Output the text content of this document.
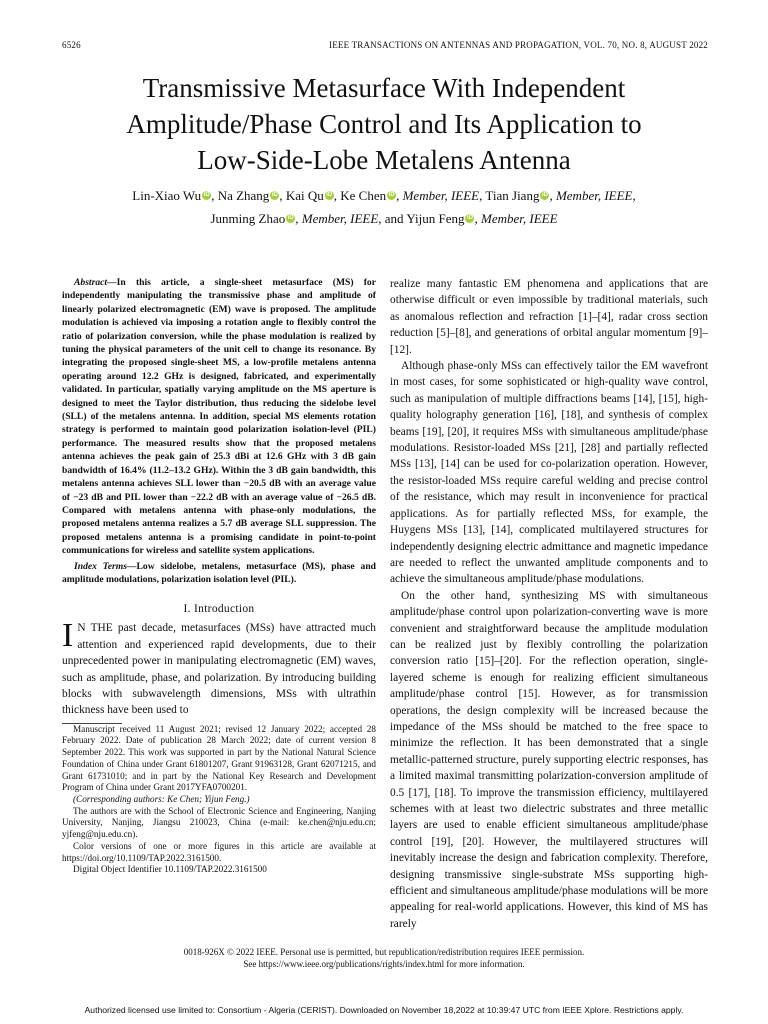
6526	IEEE TRANSACTIONS ON ANTENNAS AND PROPAGATION, VOL. 70, NO. 8, AUGUST 2022
Transmissive Metasurface With Independent
Amplitude/Phase Control and Its Application to
Low-Side-Lobe Metalens Antenna
Lin-Xiao Wu iD , Na Zhang iD , Kai Qu iD , Ke Chen iD , Member, IEEE, Tian Jiang iD , Member, IEEE,
Junming Zhao iD , Member, IEEE, and Yijun Feng iD , Member, IEEE

Abstract—In this article, a single-sheet metasurface (MS) for independently manipulating the transmissive phase and amplitude of linearly polarized electromagnetic (EM) wave is proposed. The amplitude modulation is achieved via imposing a rotation angle to flexibly control the ratio of polarization conversion, while the phase modulation is realized by tuning the physical parameters of the unit cell to change its resonance. By integrating the proposed single-sheet MS, a low-profile metalens antenna operating around 12.2 GHz is designed, fabricated, and experimentally validated. In particular, spatially varying amplitude on the MS aperture is designed to meet the Taylor distribution, thus reducing the sidelobe level (SLL) of the metalens antenna. In addition, special MS elements rotation strategy is performed to maintain good polarization isolation-level (PIL) performance. The measured results show that the proposed metalens antenna achieves the peak gain of 25.3 dBi at 12.6 GHz with 3 dB gain bandwidth of 16.4% (11.2–13.2 GHz). Within the 3 dB gain bandwidth, this metalens antenna achieves SLL lower than −20.5 dB with an average value of −23 dB and PIL lower than −22.2 dB with an average value of −26.5 dB. Compared with metalens antenna with phase-only modulations, the proposed metalens antenna realizes a 5.7 dB average SLL suppression. The proposed metalens antenna is a promising candidate in point-to-point communications for wireless and satellite system applications.

Index Terms—Low sidelobe, metalens, metasurface (MS), phase and amplitude modulations, polarization isolation level (PIL).

I. Introduction

I N THE past decade, metasurfaces (MSs) have attracted much attention and experienced rapid developments, due to their unprecedented power in manipulating electromagnetic (EM) waves, such as amplitude, phase, and polarization. By introducing building blocks with subwavelength dimensions, MSs with ultrathin thickness have been used to

Manuscript received 11 August 2021; revised 12 January 2022; accepted 28 February 2022. Date of publication 28 March 2022; date of current version 8 September 2022. This work was supported in part by the National Natural Science Foundation of China under Grant 61801207, Grant 91963128, Grant 62071215, and Grant 61731010; and in part by the National Key Research and Development Program of China under Grant 2017YFA0700201.

(Corresponding authors: Ke Chen; Yijun Feng.)

The authors are with the School of Electronic Science and Engineering, Nanjing University, Nanjing, Jiangsu 210023, China (e-mail: ke.chen@nju.edu.cn; yjfeng@nju.edu.cn).

Color versions of one or more figures in this article are available at https://doi.org/10.1109/TAP.2022.3161500.

Digital Object Identifier 10.1109/TAP.2022.3161500

realize many fantastic EM phenomena and applications that are otherwise difficult or even impossible by traditional materials, such as anomalous reflection and refraction [1]–[4], radar cross section reduction [5]–[8], and generations of orbital angular momentum [9]–[12].

Although phase-only MSs can effectively tailor the EM wavefront in most cases, for some sophisticated or high-quality wave control, such as manipulation of multiple diffractions beams [14], [15], high-quality holography generation [16], [18], and synthesis of complex beams [19], [20], it requires MSs with simultaneous amplitude/phase modulations. Resistor-loaded MSs [21], [28] and partially reflected MSs [13], [14] can be used for co-polarization operation. However, the resistor-loaded MSs require careful welding and precise control of the resistance, which may result in inconvenience for practical applications. As for partially reflected MSs, for example, the Huygens MSs [13], [14], complicated multilayered structures for independently designing electric admittance and magnetic impedance are needed to reflect the unwanted amplitude components and to achieve the simultaneous amplitude/phase modulations.

On the other hand, synthesizing MS with simultaneous amplitude/phase control upon polarization-converting wave is more convenient and straightforward because the amplitude modulation can be realized just by flexibly controlling the polarization conversion ratio [15]–[20]. For the reflection operation, single-layered scheme is enough for realizing efficient simultaneous amplitude/phase control [15]. However, as for transmission operations, the design complexity will be increased because the impedance of the MSs should be matched to the free space to minimize the reflection. It has been demonstrated that a single metallic-patterned structure, purely supporting electric responses, has a limited maximal transmitting polarization-conversion amplitude of 0.5 [17], [18]. To improve the transmission efficiency, multilayered schemes with at least two dielectric substrates and three metallic layers are used to enable efficient simultaneous amplitude/phase control [19], [20]. However, the multilayered structures will inevitably increase the design and fabrication complexity. Therefore, designing transmissive single-substrate MSs supporting high-efficient and simultaneous amplitude/phase modulations will be more appealing for real-world applications. However, this kind of MS has rarely

0018-926X © 2022 IEEE. Personal use is permitted, but republication/redistribution requires IEEE permission.
See https://www.ieee.org/publications/rights/index.html for more information.
Authorized licensed use limited to: Consortium - Algeria (CERIST). Downloaded on November 18,2022 at 10:39:47 UTC from IEEE Xplore. Restrictions apply.
